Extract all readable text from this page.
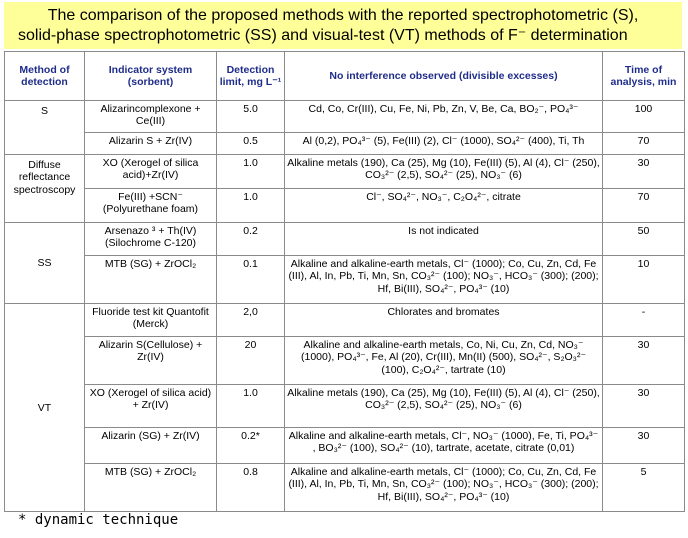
The comparison of the proposed methods with the reported spectrophotometric (S),
solid-phase spectrophotometric (SS) and visual-test (VT) methods of F⁻ determination
Method of detection	Indicator system (sorbent)	Detection limit, mg L⁻¹	No interference observed (divisible excesses)	Time of analysis, min
S	Alizarincomplexone + Ce(III)	5.0	Cd, Co, Cr(III), Cu, Fe, Ni, Pb, Zn, V, Be, Ca, BO₂⁻, PO₄³⁻	100
	Alizarin S + Zr(IV)	0.5	Al (0,2), PO₄³⁻ (5), Fe(III) (2), Cl⁻ (1000), SO₄²⁻ (400), Ti, Th	70
Diffuse reflectance spectroscopy	XO (Xerogel of silica acid)+Zr(IV)	1.0	Alkaline metals (190), Ca (25), Mg (10), Fe(III) (5), Al (4), Cl⁻ (250), CO₃²⁻ (2,5), SO₄²⁻ (25), NO₃⁻ (6)	30
	Fe(III) +SCN⁻ (Polyurethane foam)	1.0	Cl⁻, SO₄²⁻, NO₃⁻, C₂O₄²⁻, citrate	70
SS	Arsenazo ³ + Th(IV) (Silochrome C-120)	0.2	Is not indicated	50
	MTB (SG) + ZrOCl₂	0.1	Alkaline and alkaline-earth metals, Cl⁻ (1000); Co, Cu, Zn, Cd, Fe (III), Al, In, Pb, Ti, Mn, Sn, CO₃²⁻ (100); NO₃⁻, HCO₃⁻ (300); (200); Hf, Bi(III), SO₄²⁻, PO₄³⁻ (10)	10
VT	Fluoride test kit Quantofit (Merck)	2,0	Chlorates and bromates	-
	Alizarin S(Cellulose) + Zr(IV)	20	Alkaline and alkaline-earth metals, Co, Ni, Cu, Zn, Cd, NO₃⁻ (1000), PO₄³⁻, Fe, Al (20), Cr(III), Mn(II) (500), SO₄²⁻, S₂O₃²⁻ (100), C₂O₄²⁻, tartrate (10)	30
	XO (Xerogel of silica acid) + Zr(IV)	1.0	Alkaline metals (190), Ca (25), Mg (10), Fe(III) (5), Al (4), Cl⁻ (250), CO₃²⁻ (2,5), SO₄²⁻ (25), NO₃⁻ (6)	30
	Alizarin (SG) + Zr(IV)	0.2*	Alkaline and alkaline-earth metals, Cl⁻, NO₃⁻ (1000), Fe, Ti, PO₄³⁻ , BO₃²⁻ (100), SO₄²⁻ (10), tartrate, acetate, citrate (0,01)	30
	MTB (SG) + ZrOCl₂	0.8	Alkaline and alkaline-earth metals, Cl⁻ (1000); Co, Cu, Zn, Cd, Fe (III), Al, In, Pb, Ti, Mn, Sn, CO₃²⁻ (100); NO₃⁻, HCO₃⁻ (300); (200); Hf, Bi(III), SO₄²⁻, PO₄³⁻ (10)	5
* dynamic technique
